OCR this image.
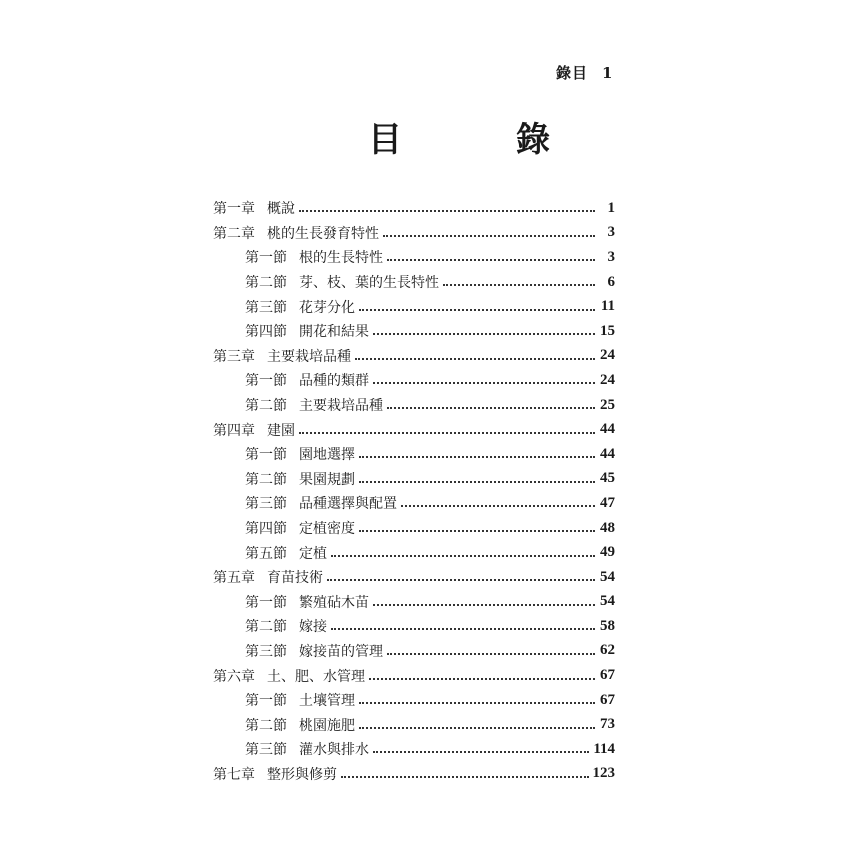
錄目 1
目　錄
第一章 概說	1
第二章 桃的生長發育特性	3
第一節 根的生長特性	3
第二節 芽、枝、葉的生長特性	6
第三節 花芽分化	11
第四節 開花和結果	15
第三章 主要栽培品種	24
第一節 品種的類群	24
第二節 主要栽培品種	25
第四章 建園	44
第一節 園地選擇	44
第二節 果園規劃	45
第三節 品種選擇與配置	47
第四節 定植密度	48
第五節 定植	49
第五章 育苗技術	54
第一節 繁殖砧木苗	54
第二節 嫁接	58
第三節 嫁接苗的管理	62
第六章 土、肥、水管理	67
第一節 土壤管理	67
第二節 桃園施肥	73
第三節 灌水與排水	114
第七章 整形與修剪	123
